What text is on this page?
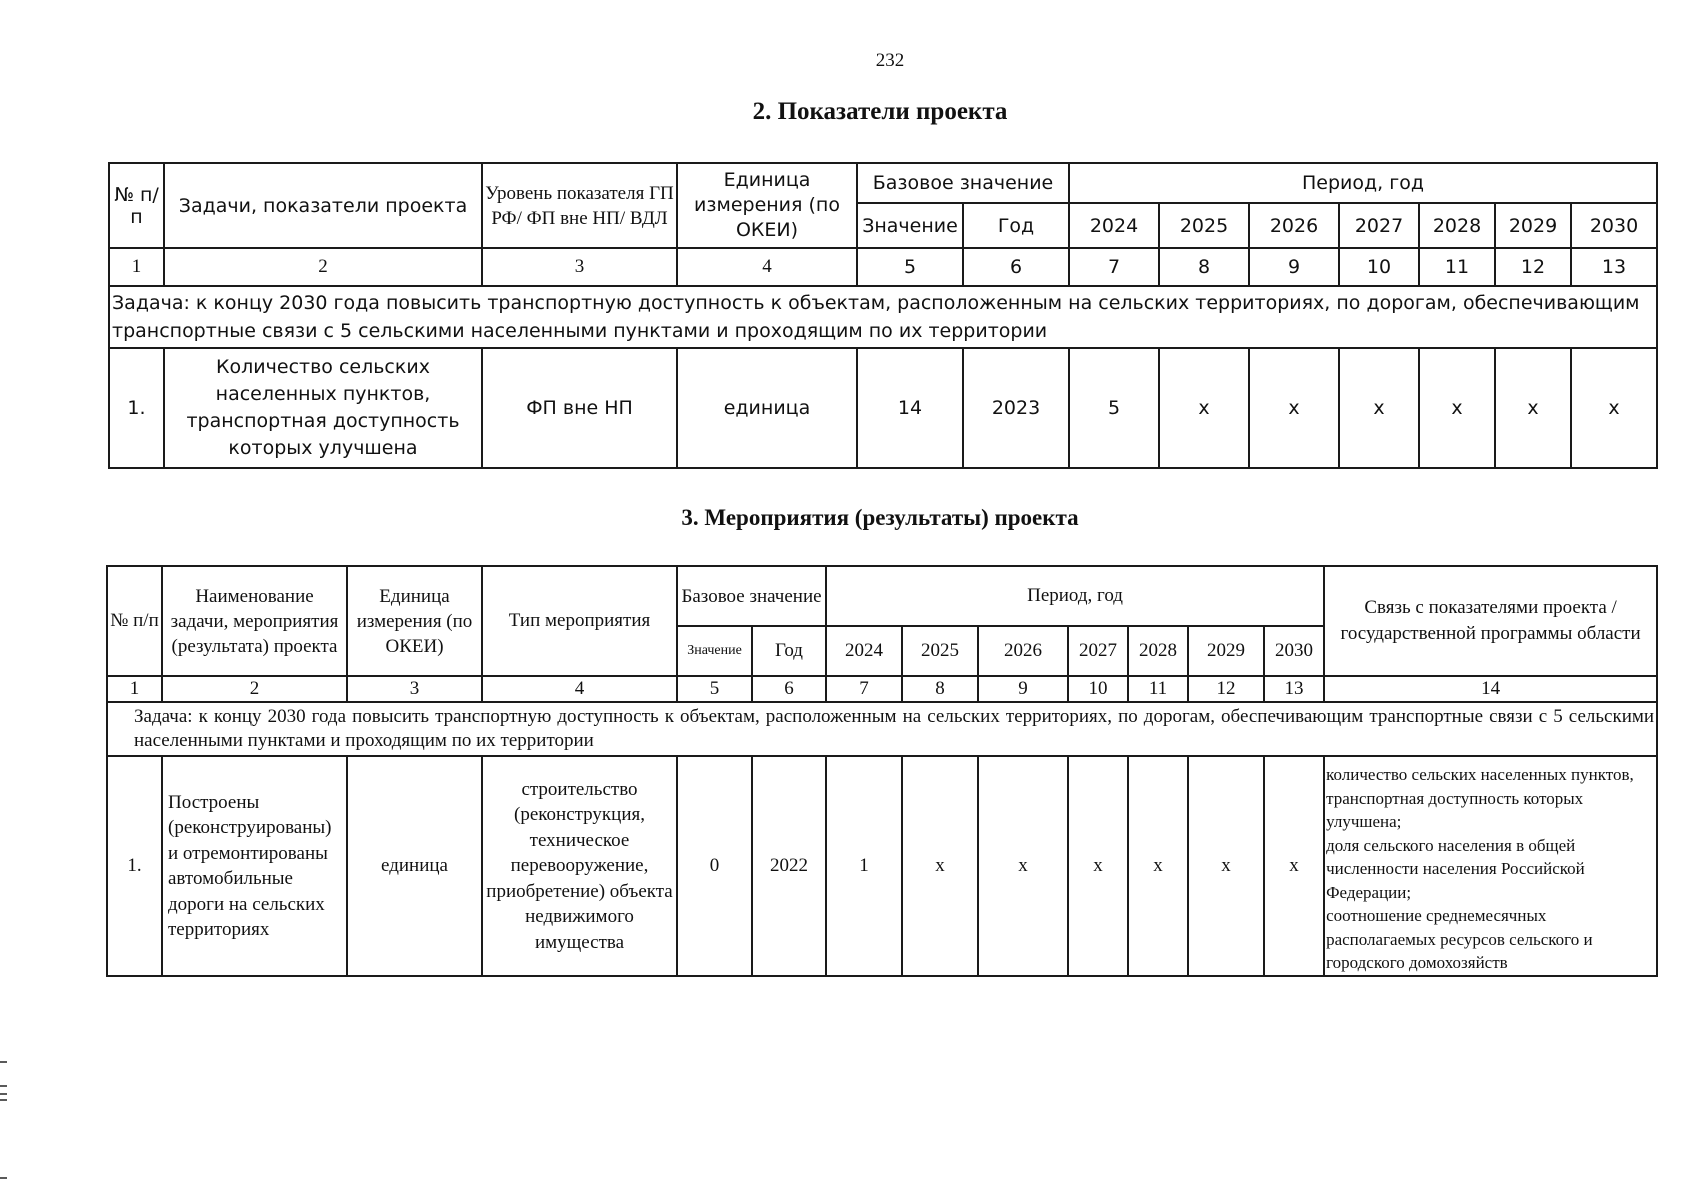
232
2. Показатели проекта
№ п/п	Задачи, показатели проекта	Уровень показателя ГП РФ/ ФП вне НП/ ВДЛ	Единица измерения (по ОКЕИ)	Базовое значение		Период, год						
				Значение	Год	2024	2025	2026	2027	2028	2029	2030
1	2	3	4	5	6	7	8	9	10	11	12	13
Задача: к концу 2030 года повысить транспортную доступность к объектам, расположенным на сельских территориях, по дорогам, обеспечивающим транспортные связи с 5 сельскими населенными пунктами и проходящим по их территории												
1.	Количество сельских населенных пунктов, транспортная доступность которых улучшена	ФП вне НП	единица	14	2023	5	х	х	х	х	х	х
3. Мероприятия (результаты) проекта
№ п/п	Наименование задачи, мероприятия (результата) проекта	Единица измерения (по ОКЕИ)	Тип мероприятия	Базовое значение		Период, год							Связь с показателями проекта / государственной программы области
				Значение	Год	2024	2025	2026	2027	2028	2029	2030	
1	2	3	4	5	6	7	8	9	10	11	12	13	14
Задача: к концу 2030 года повысить транспортную доступность к объектам, расположенным на сельских территориях, по дорогам, обеспечивающим транспортные связи с 5 сельскими населенными пунктами и проходящим по их территории													
1.	Построены (реконструированы) и отремонтированы автомобильные дороги на сельских территориях	единица	строительство (реконструкция, техническое перевооружение, приобретение) объекта недвижимого имущества	0	2022	1	х	х	х	х	х	х	количество сельских населенных пунктов, транспортная доступность которых улучшена;
доля сельского населения в общей численности населения Российской Федерации;
соотношение среднемесячных располагаемых ресурсов сельского и городского домохозяйств
